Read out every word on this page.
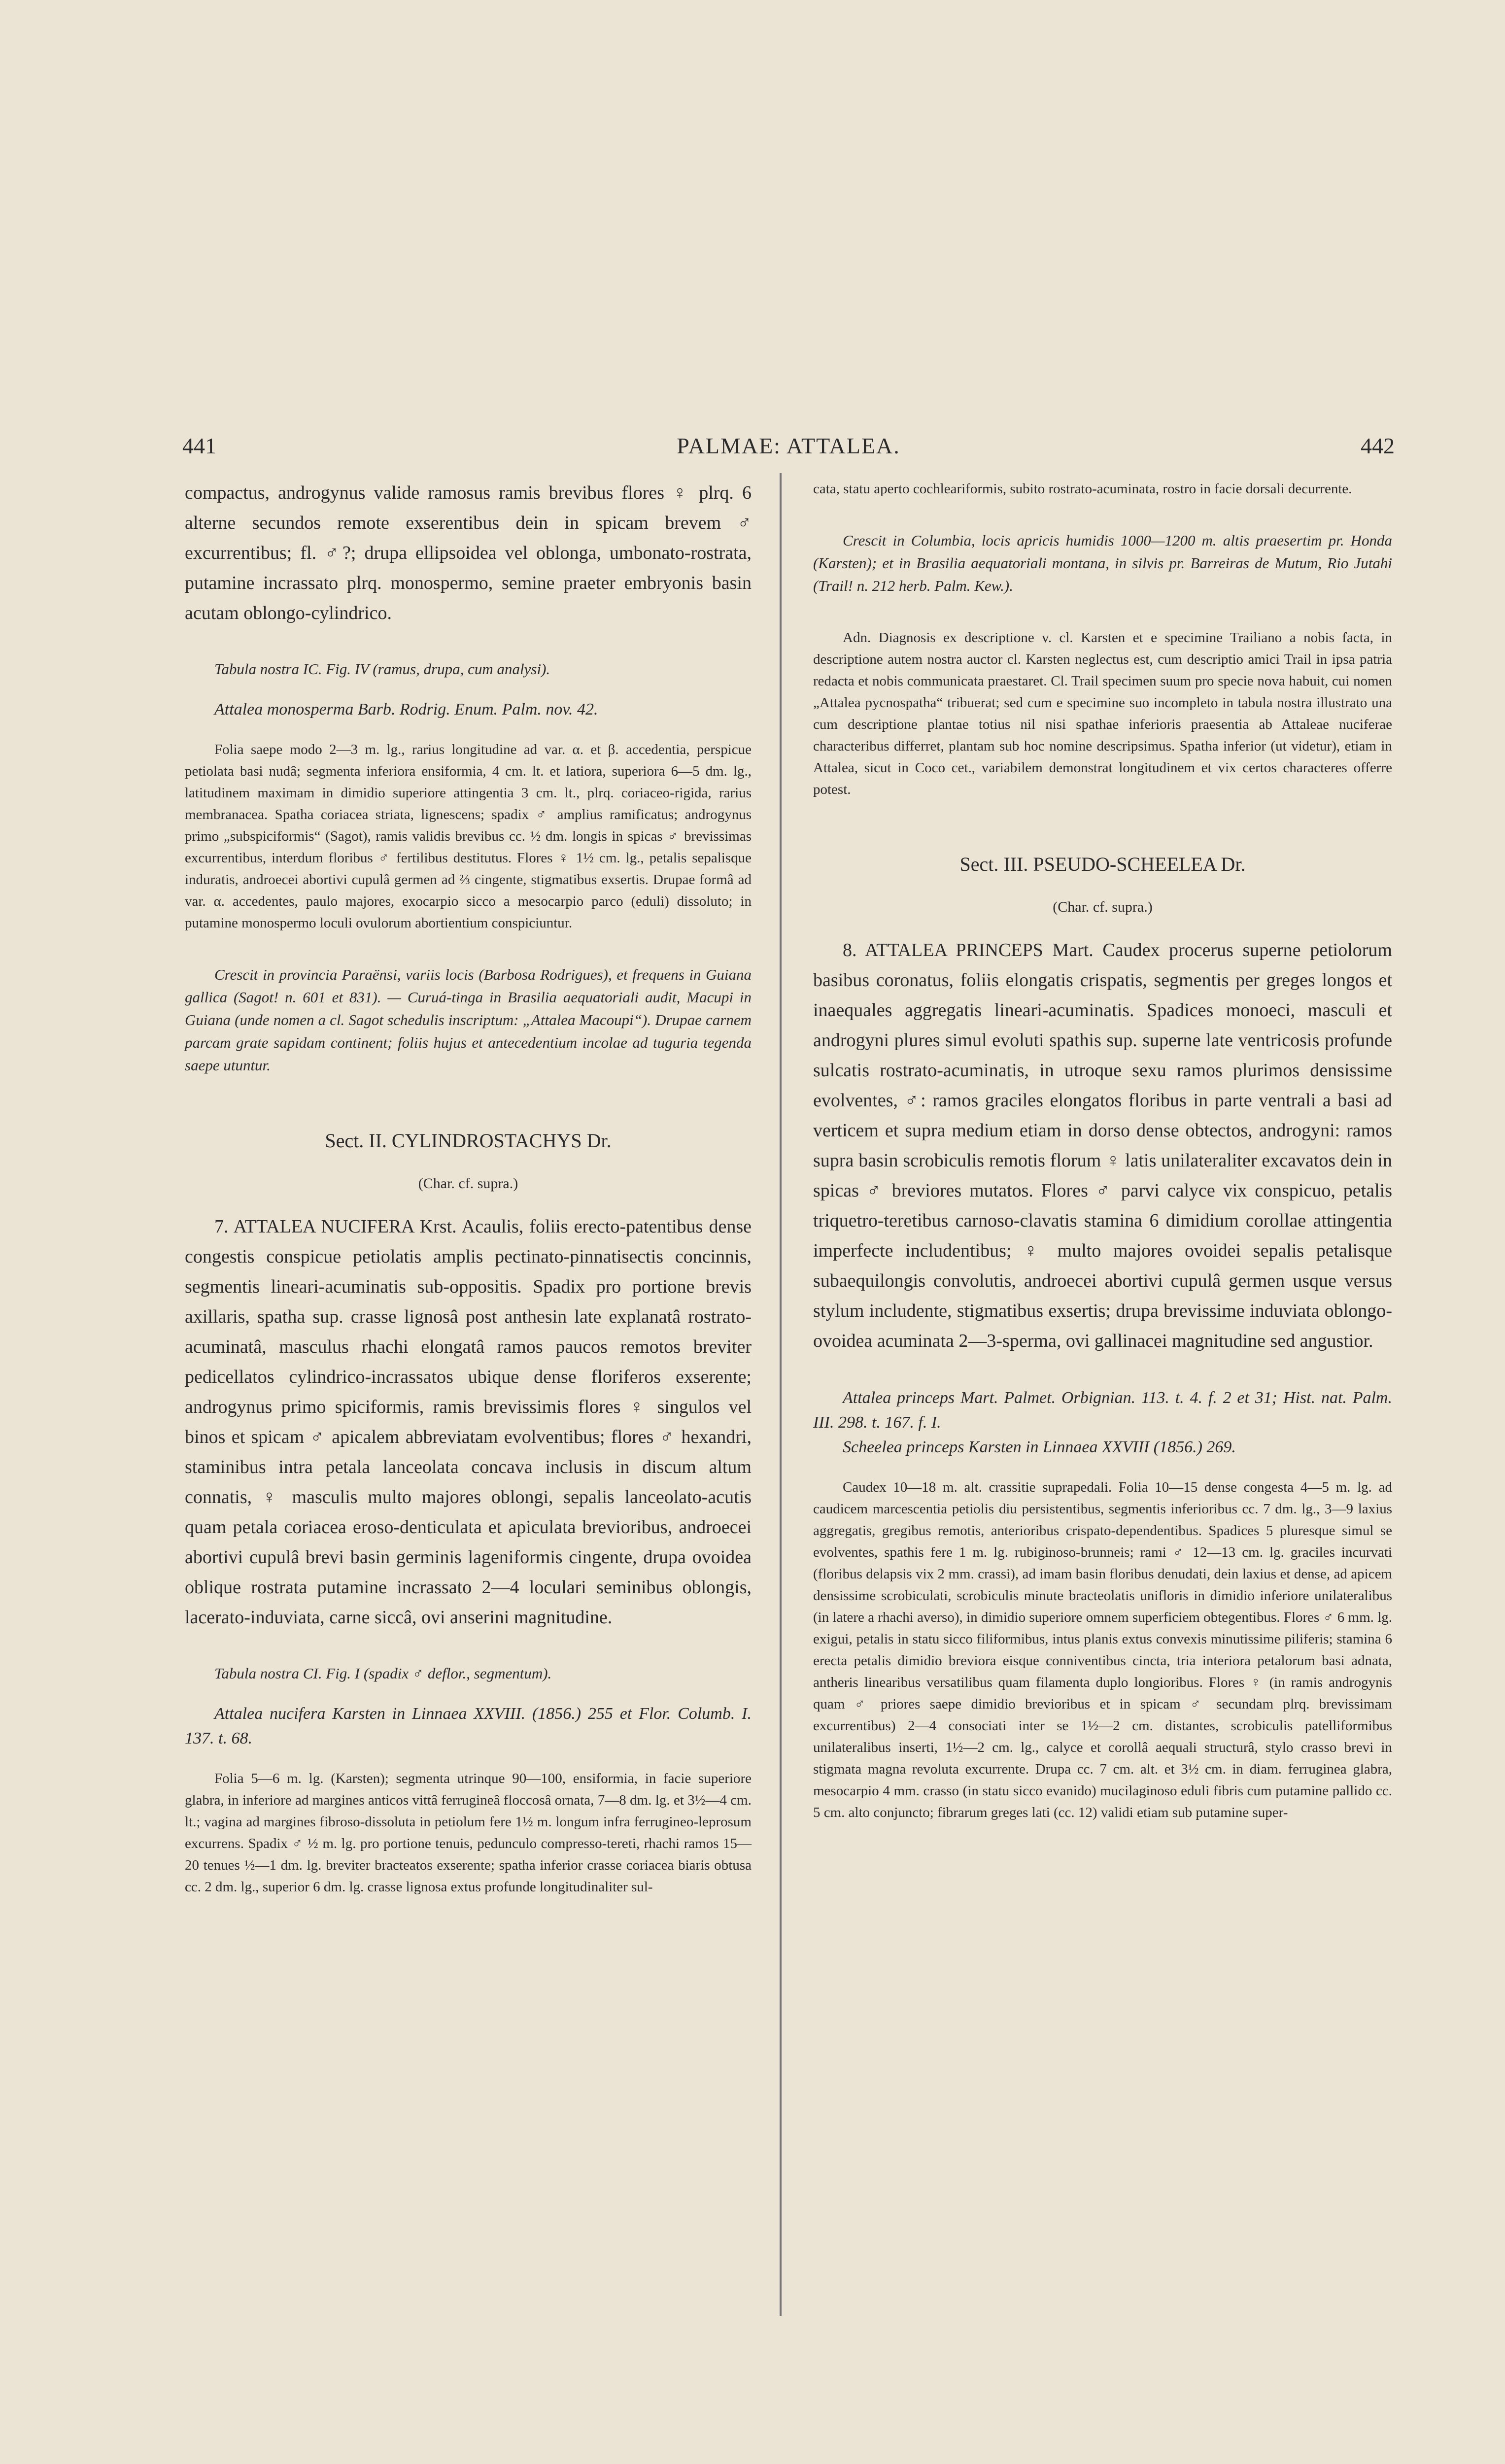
441	PALMAE: ATTALEA.	442

compactus, androgynus valide ramosus ramis brevibus flores ♀ plrq. 6 alterne secundos remote exserentibus dein in spicam brevem ♂ excurrentibus; fl. ♂?; drupa ellipsoidea vel oblonga, umbonato-rostrata, putamine incrassato plrq. monospermo, semine praeter embryonis basin acutam oblongo-cylindrico.

Tabula nostra IC. Fig. IV (ramus, drupa, cum analysi).

Attalea monosperma Barb. Rodrig. Enum. Palm. nov. 42.

Folia saepe modo 2—3 m. lg., rarius longitudine ad var. α. et β. accedentia, perspicue petiolata basi nudâ; segmenta inferiora ensiformia, 4 cm. lt. et latiora, superiora 6—5 dm. lg., latitudinem maximam in dimidio superiore attingentia 3 cm. lt., plrq. coriaceo-rigida, rarius membranacea. Spatha coriacea striata, lignescens; spadix ♂ amplius ramificatus; androgynus primo „subspiciformis“ (Sagot), ramis validis brevibus cc. ½ dm. longis in spicas ♂ brevissimas excurrentibus, interdum floribus ♂ fertilibus destitutus. Flores ♀ 1½ cm. lg., petalis sepalisque induratis, androecei abortivi cupulâ germen ad ⅔ cingente, stigmatibus exsertis. Drupae formâ ad var. α. accedentes, paulo majores, exocarpio sicco a mesocarpio parco (eduli) dissoluto; in putamine monospermo loculi ovulorum abortientium conspiciuntur.

Crescit in provincia Paraënsi, variis locis (Barbosa Rodrigues), et frequens in Guiana gallica (Sagot! n. 601 et 831). — Curuá-tinga in Brasilia aequatoriali audit, Macupi in Guiana (unde nomen a cl. Sagot schedulis inscriptum: „Attalea Macoupi“). Drupae carnem parcam grate sapidam continent; foliis hujus et antecedentium incolae ad tuguria tegenda saepe utuntur.

Sect. II. CYLINDROSTACHYS Dr.

(Char. cf. supra.)

7. ATTALEA NUCIFERA Krst. Acaulis, foliis erecto-patentibus dense congestis conspicue petiolatis amplis pectinato-pinnatisectis concinnis, segmentis lineari-acuminatis sub-oppositis. Spadix pro portione brevis axillaris, spatha sup. crasse lignosâ post anthesin late explanatâ rostrato-acuminatâ, masculus rhachi elongatâ ramos paucos remotos breviter pedicellatos cylindrico-incrassatos ubique dense floriferos exserente; androgynus primo spiciformis, ramis brevissimis flores ♀ singulos vel binos et spicam ♂ apicalem abbreviatam evolventibus; flores ♂ hexandri, staminibus intra petala lanceolata concava inclusis in discum altum connatis, ♀ masculis multo majores oblongi, sepalis lanceolato-acutis quam petala coriacea eroso-denticulata et apiculata brevioribus, androecei abortivi cupulâ brevi basin germinis lageniformis cingente, drupa ovoidea oblique rostrata putamine incrassato 2—4 loculari seminibus oblongis, lacerato-induviata, carne siccâ, ovi anserini magnitudine.

Tabula nostra CI. Fig. I (spadix ♂ deflor., segmentum).

Attalea nucifera Karsten in Linnaea XXVIII. (1856.) 255 et Flor. Columb. I. 137. t. 68.

Folia 5—6 m. lg. (Karsten); segmenta utrinque 90—100, ensiformia, in facie superiore glabra, in inferiore ad margines anticos vittâ ferrugineâ floccosâ ornata, 7—8 dm. lg. et 3½—4 cm. lt.; vagina ad margines fibroso-dissoluta in petiolum fere 1½ m. longum infra ferrugineo-leprosum excurrens. Spadix ♂ ½ m. lg. pro portione tenuis, pedunculo compresso-tereti, rhachi ramos 15—20 tenues ½—1 dm. lg. breviter bracteatos exserente; spatha inferior crasse coriacea biaris obtusa cc. 2 dm. lg., superior 6 dm. lg. crasse lignosa extus profunde longitudinaliter sul-

cata, statu aperto cochleariformis, subito rostrato-acuminata, rostro in facie dorsali decurrente.

Crescit in Columbia, locis apricis humidis 1000—1200 m. altis praesertim pr. Honda (Karsten); et in Brasilia aequatoriali montana, in silvis pr. Barreiras de Mutum, Rio Jutahi (Trail! n. 212 herb. Palm. Kew.).

Adn. Diagnosis ex descriptione v. cl. Karsten et e specimine Trailiano a nobis facta, in descriptione autem nostra auctor cl. Karsten neglectus est, cum descriptio amici Trail in ipsa patria redacta et nobis communicata praestaret. Cl. Trail specimen suum pro specie nova habuit, cui nomen „Attalea pycnospatha“ tribuerat; sed cum e specimine suo incompleto in tabula nostra illustrato una cum descriptione plantae totius nil nisi spathae inferioris praesentia ab Attaleae nuciferae characteribus differret, plantam sub hoc nomine descripsimus. Spatha inferior (ut videtur), etiam in Attalea, sicut in Coco cet., variabilem demonstrat longitudinem et vix certos characteres offerre potest.

Sect. III. PSEUDO-SCHEELEA Dr.

(Char. cf. supra.)

8. ATTALEA PRINCEPS Mart. Caudex procerus superne petiolorum basibus coronatus, foliis elongatis crispatis, segmentis per greges longos et inaequales aggregatis lineari-acuminatis. Spadices monoeci, masculi et androgyni plures simul evoluti spathis sup. superne late ventricosis profunde sulcatis rostrato-acuminatis, in utroque sexu ramos plurimos densissime evolventes, ♂: ramos graciles elongatos floribus in parte ventrali a basi ad verticem et supra medium etiam in dorso dense obtectos, androgyni: ramos supra basin scrobiculis remotis florum ♀ latis unilateraliter excavatos dein in spicas ♂ breviores mutatos. Flores ♂ parvi calyce vix conspicuo, petalis triquetro-teretibus carnoso-clavatis stamina 6 dimidium corollae attingentia imperfecte includentibus; ♀ multo majores ovoidei sepalis petalisque subaequilongis convolutis, androecei abortivi cupulâ germen usque versus stylum includente, stigmatibus exsertis; drupa brevissime induviata oblongo-ovoidea acuminata 2—3-sperma, ovi gallinacei magnitudine sed angustior.

Attalea princeps Mart. Palmet. Orbignian. 113. t. 4. f. 2 et 31; Hist. nat. Palm. III. 298. t. 167. f. I.

Scheelea princeps Karsten in Linnaea XXVIII (1856.) 269.

Caudex 10—18 m. alt. crassitie suprapedali. Folia 10—15 dense congesta 4—5 m. lg. ad caudicem marcescentia petiolis diu persistentibus, segmentis inferioribus cc. 7 dm. lg., 3—9 laxius aggregatis, gregibus remotis, anterioribus crispato-dependentibus. Spadices 5 pluresque simul se evolventes, spathis fere 1 m. lg. rubiginoso-brunneis; rami ♂ 12—13 cm. lg. graciles incurvati (floribus delapsis vix 2 mm. crassi), ad imam basin floribus denudati, dein laxius et dense, ad apicem densissime scrobiculati, scrobiculis minute bracteolatis unifloris in dimidio inferiore unilateralibus (in latere a rhachi averso), in dimidio superiore omnem superficiem obtegentibus. Flores ♂ 6 mm. lg. exigui, petalis in statu sicco filiformibus, intus planis extus convexis minutissime piliferis; stamina 6 erecta petalis dimidio breviora eisque conniventibus cincta, tria interiora petalorum basi adnata, antheris linearibus versatilibus quam filamenta duplo longioribus. Flores ♀ (in ramis androgynis quam ♂ priores saepe dimidio brevioribus et in spicam ♂ secundam plrq. brevissimam excurrentibus) 2—4 consociati inter se 1½—2 cm. distantes, scrobiculis patelliformibus unilateralibus inserti, 1½—2 cm. lg., calyce et corollâ aequali structurâ, stylo crasso brevi in stigmata magna revoluta excurrente. Drupa cc. 7 cm. alt. et 3½ cm. in diam. ferruginea glabra, mesocarpio 4 mm. crasso (in statu sicco evanido) mucilaginoso eduli fibris cum putamine pallido cc. 5 cm. alto conjuncto; fibrarum greges lati (cc. 12) validi etiam sub putamine super-
